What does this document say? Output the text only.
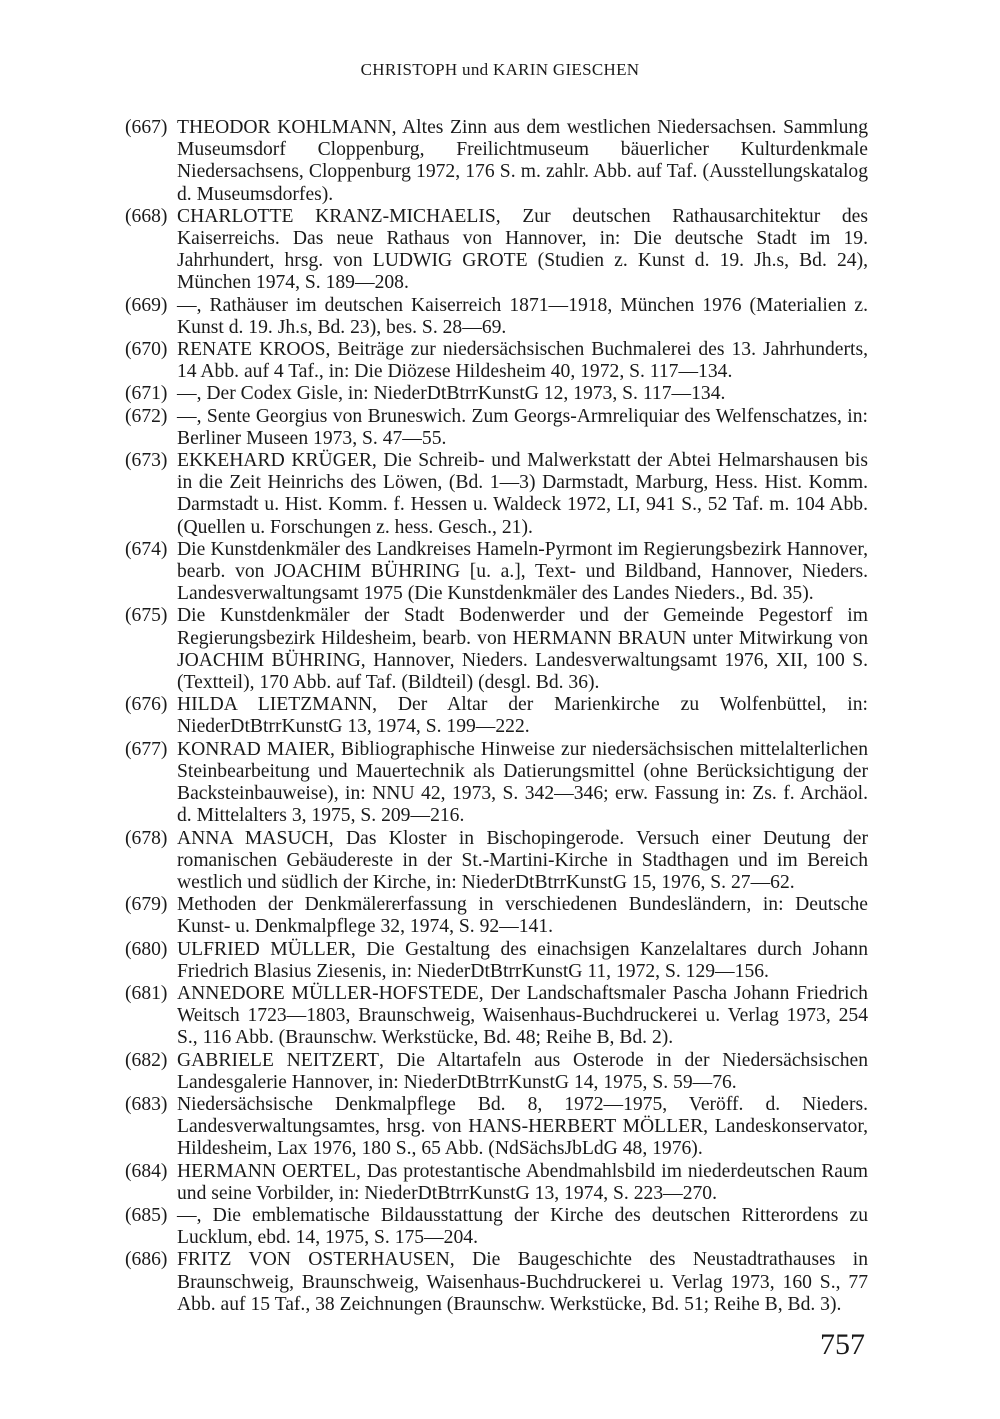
CHRISTOPH und KARIN GIESCHEN
(667) THEODOR KOHLMANN, Altes Zinn aus dem westlichen Niedersachsen. Sammlung Museumsdorf Cloppenburg, Freilichtmuseum bäuerlicher Kulturdenkmale Niedersachsens, Cloppenburg 1972, 176 S. m. zahlr. Abb. auf Taf. (Ausstellungskatalog d. Museumsdorfes).
(668) CHARLOTTE KRANZ-MICHAELIS, Zur deutschen Rathausarchitektur des Kaiserreichs. Das neue Rathaus von Hannover, in: Die deutsche Stadt im 19. Jahrhundert, hrsg. von LUDWIG GROTE (Studien z. Kunst d. 19. Jh.s, Bd. 24), München 1974, S. 189—208.
(669) —, Rathäuser im deutschen Kaiserreich 1871—1918, München 1976 (Materialien z. Kunst d. 19. Jh.s, Bd. 23), bes. S. 28—69.
(670) RENATE KROOS, Beiträge zur niedersächsischen Buchmalerei des 13. Jahrhunderts, 14 Abb. auf 4 Taf., in: Die Diözese Hildesheim 40, 1972, S. 117—134.
(671) —, Der Codex Gisle, in: NiederDtBtrrKunstG 12, 1973, S. 117—134.
(672) —, Sente Georgius von Bruneswich. Zum Georgs-Armreliquiar des Welfenschatzes, in: Berliner Museen 1973, S. 47—55.
(673) EKKEHARD KRÜGER, Die Schreib- und Malwerkstatt der Abtei Helmarshausen bis in die Zeit Heinrichs des Löwen, (Bd. 1—3) Darmstadt, Marburg, Hess. Hist. Komm. Darmstadt u. Hist. Komm. f. Hessen u. Waldeck 1972, LI, 941 S., 52 Taf. m. 104 Abb. (Quellen u. Forschungen z. hess. Gesch., 21).
(674) Die Kunstdenkmäler des Landkreises Hameln-Pyrmont im Regierungsbezirk Hannover, bearb. von JOACHIM BÜHRING [u. a.], Text- und Bildband, Hannover, Nieders. Landesverwaltungsamt 1975 (Die Kunstdenkmäler des Landes Nieders., Bd. 35).
(675) Die Kunstdenkmäler der Stadt Bodenwerder und der Gemeinde Pegestorf im Regierungsbezirk Hildesheim, bearb. von HERMANN BRAUN unter Mitwirkung von JOACHIM BÜHRING, Hannover, Nieders. Landesverwaltungsamt 1976, XII, 100 S. (Textteil), 170 Abb. auf Taf. (Bildteil) (desgl. Bd. 36).
(676) HILDA LIETZMANN, Der Altar der Marienkirche zu Wolfenbüttel, in: NiederDtBtrrKunstG 13, 1974, S. 199—222.
(677) KONRAD MAIER, Bibliographische Hinweise zur niedersächsischen mittelalterlichen Steinbearbeitung und Mauertechnik als Datierungsmittel (ohne Berücksichtigung der Backsteinbauweise), in: NNU 42, 1973, S. 342—346; erw. Fassung in: Zs. f. Archäol. d. Mittelalters 3, 1975, S. 209—216.
(678) ANNA MASUCH, Das Kloster in Bischopingerode. Versuch einer Deutung der romanischen Gebäudereste in der St.-Martini-Kirche in Stadthagen und im Bereich westlich und südlich der Kirche, in: NiederDtBtrrKunstG 15, 1976, S. 27—62.
(679) Methoden der Denkmälererfassung in verschiedenen Bundesländern, in: Deutsche Kunst- u. Denkmalpflege 32, 1974, S. 92—141.
(680) ULFRIED MÜLLER, Die Gestaltung des einachsigen Kanzelaltares durch Johann Friedrich Blasius Ziesenis, in: NiederDtBtrrKunstG 11, 1972, S. 129—156.
(681) ANNEDORE MÜLLER-HOFSTEDE, Der Landschaftsmaler Pascha Johann Friedrich Weitsch 1723—1803, Braunschweig, Waisenhaus-Buchdruckerei u. Verlag 1973, 254 S., 116 Abb. (Braunschw. Werkstücke, Bd. 48; Reihe B, Bd. 2).
(682) GABRIELE NEITZERT, Die Altartafeln aus Osterode in der Niedersächsischen Landesgalerie Hannover, in: NiederDtBtrrKunstG 14, 1975, S. 59—76.
(683) Niedersächsische Denkmalpflege Bd. 8, 1972—1975, Veröff. d. Nieders. Landesverwaltungsamtes, hrsg. von HANS-HERBERT MÖLLER, Landeskonservator, Hildesheim, Lax 1976, 180 S., 65 Abb. (NdSächsJbLdG 48, 1976).
(684) HERMANN OERTEL, Das protestantische Abendmahlsbild im niederdeutschen Raum und seine Vorbilder, in: NiederDtBtrrKunstG 13, 1974, S. 223—270.
(685) —, Die emblematische Bildausstattung der Kirche des deutschen Ritterordens zu Lucklum, ebd. 14, 1975, S. 175—204.
(686) FRITZ VON OSTERHAUSEN, Die Baugeschichte des Neustadtrathauses in Braunschweig, Braunschweig, Waisenhaus-Buchdruckerei u. Verlag 1973, 160 S., 77 Abb. auf 15 Taf., 38 Zeichnungen (Braunschw. Werkstücke, Bd. 51; Reihe B, Bd. 3).
757
